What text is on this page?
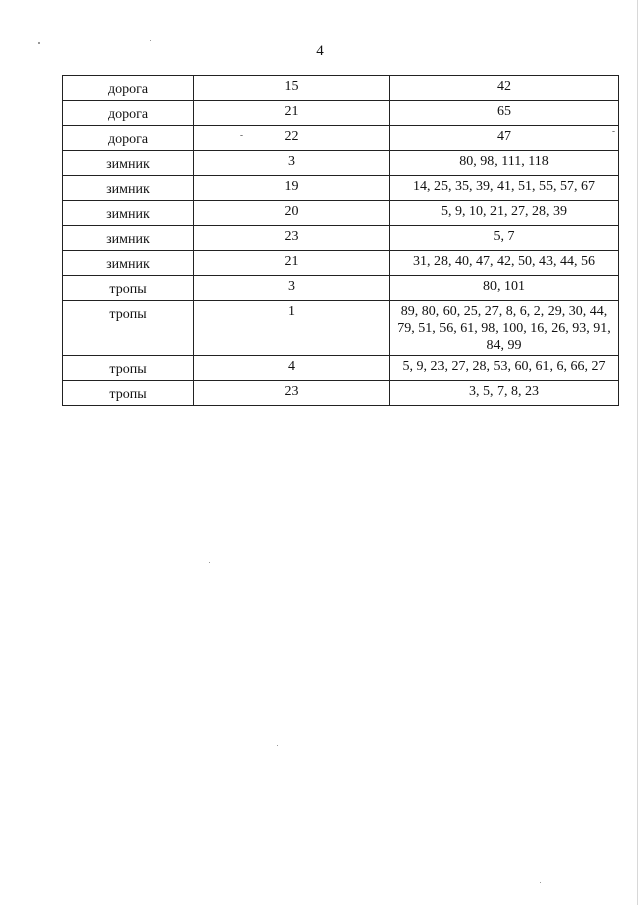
4
дорога	15	42
дорога	21	65
дорога	22	47
зимник	3	80, 98, 111, 118
зимник	19	14, 25, 35, 39, 41, 51, 55, 57, 67
зимник	20	5, 9, 10, 21, 27, 28, 39
зимник	23	5, 7
зимник	21	31, 28, 40, 47, 42, 50, 43, 44, 56
тропы	3	80, 101
тропы	1	89, 80, 60, 25, 27, 8, 6, 2, 29, 30, 44, 79, 51, 56, 61, 98, 100, 16, 26, 93, 91, 84, 99
тропы	4	5, 9, 23, 27, 28, 53, 60, 61, 6, 66, 27
тропы	23	3, 5, 7, 8, 23
